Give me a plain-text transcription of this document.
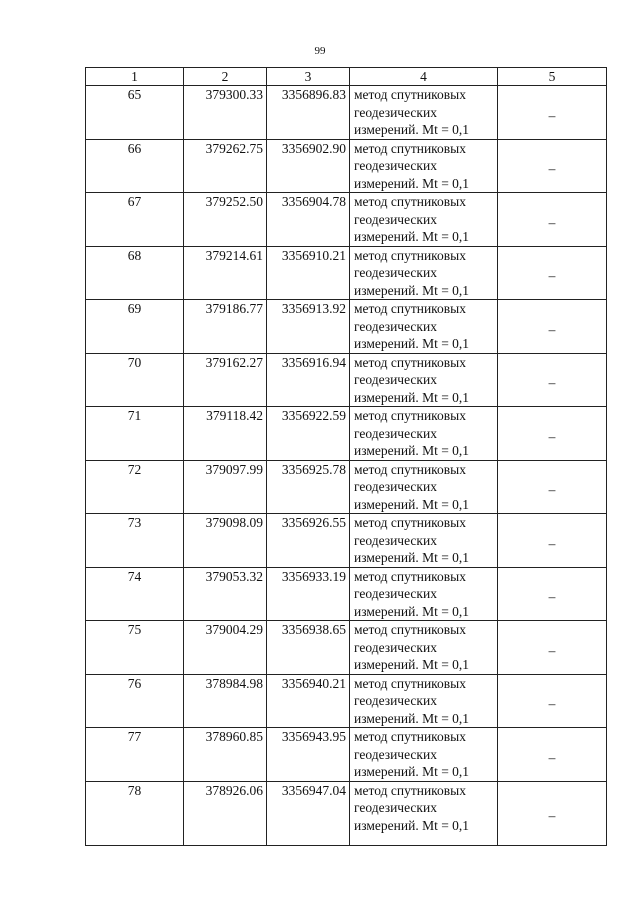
99
1	2	3	4	5
65	379300.33	3356896.83	метод спутниковых
геодезических
измерений. Mt = 0,1	–
66	379262.75	3356902.90	метод спутниковых
геодезических
измерений. Mt = 0,1	–
67	379252.50	3356904.78	метод спутниковых
геодезических
измерений. Mt = 0,1	–
68	379214.61	3356910.21	метод спутниковых
геодезических
измерений. Mt = 0,1	–
69	379186.77	3356913.92	метод спутниковых
геодезических
измерений. Mt = 0,1	–
70	379162.27	3356916.94	метод спутниковых
геодезических
измерений. Mt = 0,1	–
71	379118.42	3356922.59	метод спутниковых
геодезических
измерений. Mt = 0,1	–
72	379097.99	3356925.78	метод спутниковых
геодезических
измерений. Mt = 0,1	–
73	379098.09	3356926.55	метод спутниковых
геодезических
измерений. Mt = 0,1	–
74	379053.32	3356933.19	метод спутниковых
геодезических
измерений. Mt = 0,1	–
75	379004.29	3356938.65	метод спутниковых
геодезических
измерений. Mt = 0,1	–
76	378984.98	3356940.21	метод спутниковых
геодезических
измерений. Mt = 0,1	–
77	378960.85	3356943.95	метод спутниковых
геодезических
измерений. Mt = 0,1	–
78	378926.06	3356947.04	метод спутниковых
геодезических
измерений. Mt = 0,1	–
